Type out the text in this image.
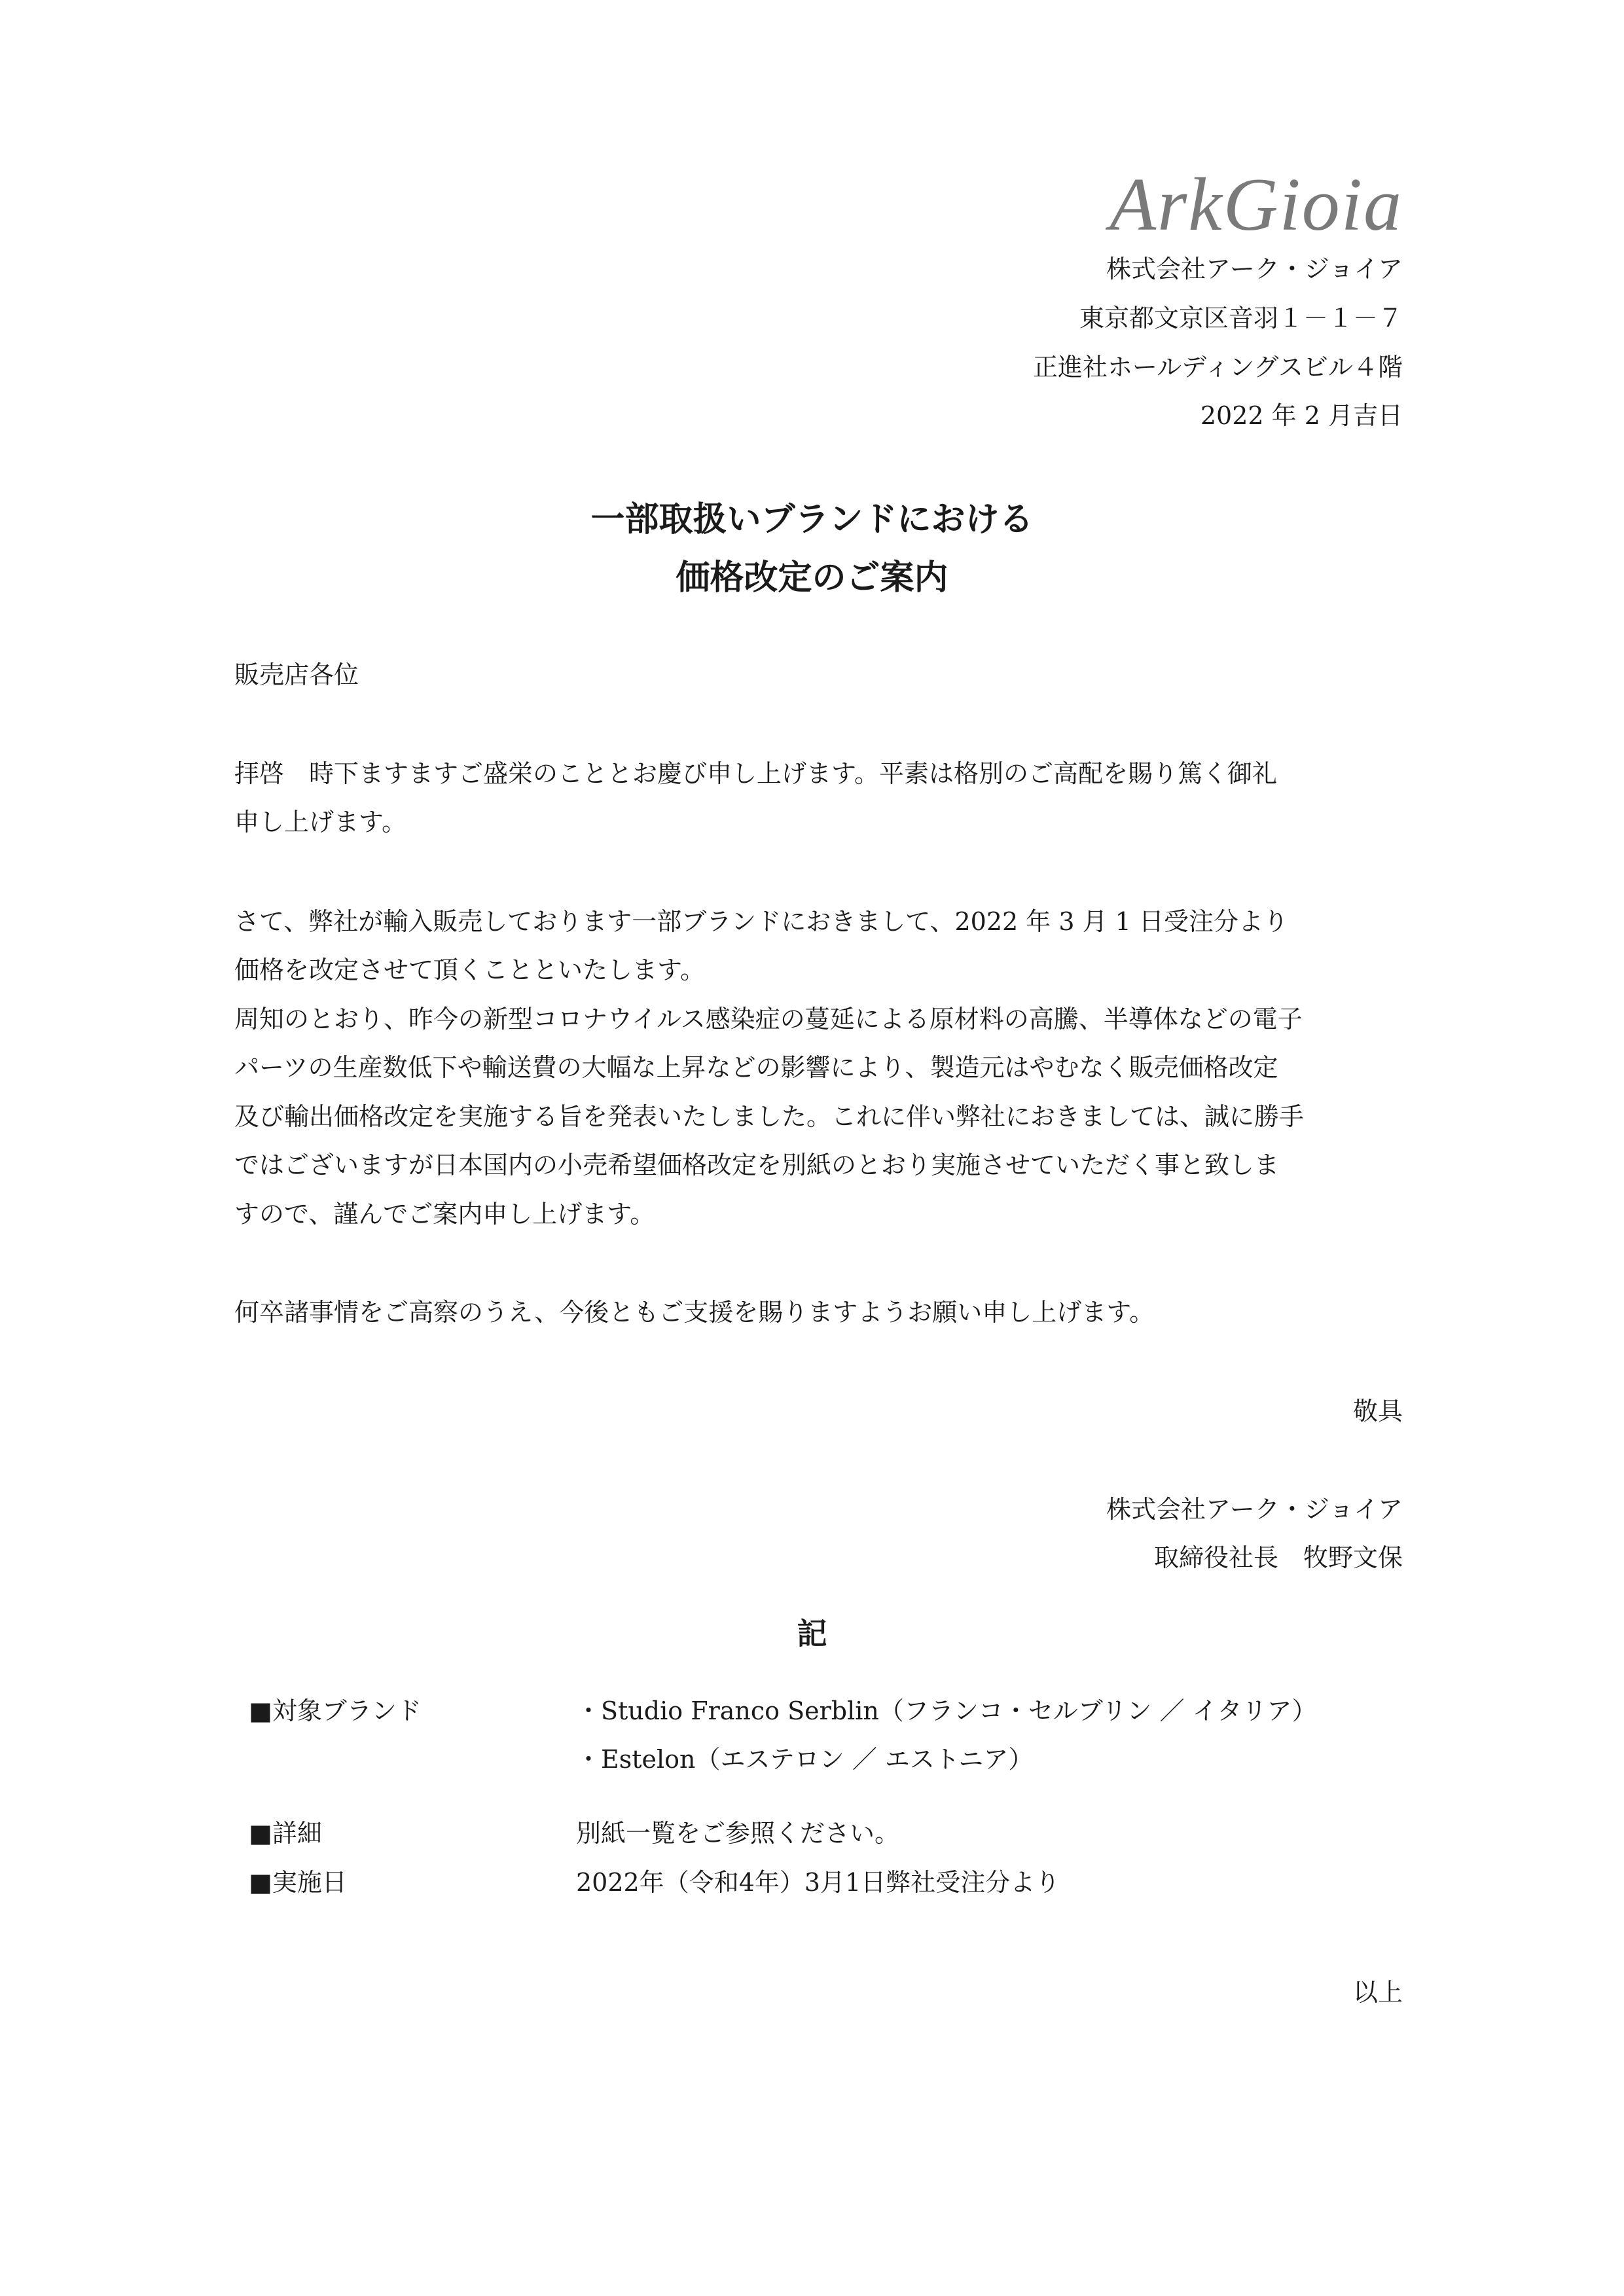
ArkGioia
株式会社アーク・ジョイア
東京都文京区音羽１－１－７
正進社ホールディングスビル４階
2022 年 2 月吉日
一部取扱いブランドにおける
価格改定のご案内
販売店各位
拝啓　時下ますますご盛栄のこととお慶び申し上げます。平素は格別のご高配を賜り篤く御礼
申し上げます。
さて、弊社が輸入販売しております一部ブランドにおきまして、2022 年 3 月 1 日受注分より
価格を改定させて頂くことといたします。
周知のとおり、昨今の新型コロナウイルス感染症の蔓延による原材料の高騰、半導体などの電子
パーツの生産数低下や輸送費の大幅な上昇などの影響により、製造元はやむなく販売価格改定
及び輸出価格改定を実施する旨を発表いたしました。これに伴い弊社におきましては、誠に勝手
ではございますが日本国内の小売希望価格改定を別紙のとおり実施させていただく事と致しま
すので、謹んでご案内申し上げます。
何卒諸事情をご高察のうえ、今後ともご支援を賜りますようお願い申し上げます。
敬具
株式会社アーク・ジョイア
取締役社長　牧野文保
記
■対象ブランド	・Studio Franco Serblin（フランコ・セルブリン ／ イタリア）
・Estelon（エステロン ／ エストニア）
■詳細	別紙一覧をご参照ください。
■実施日	2022年（令和4年）3月1日弊社受注分より
以上
